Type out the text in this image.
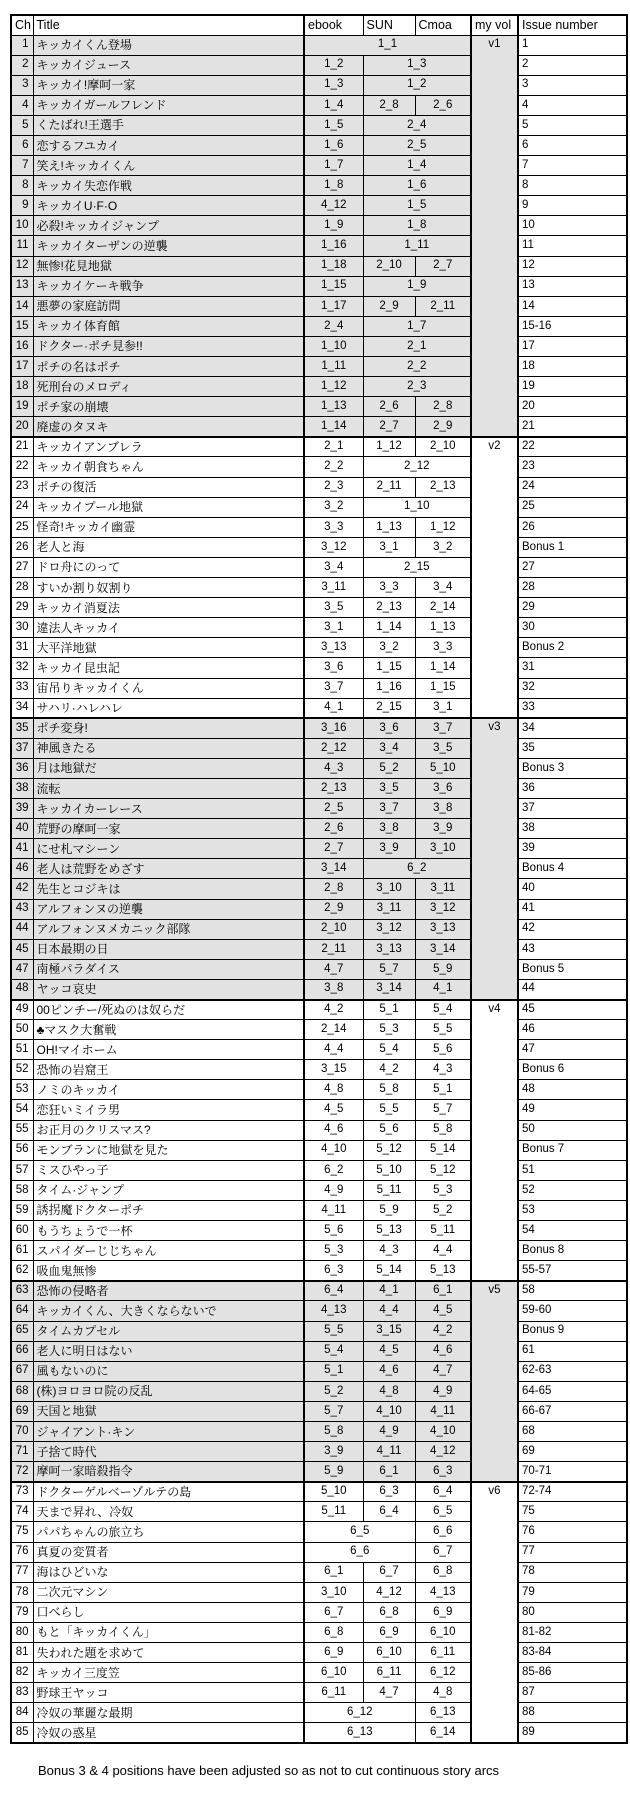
Ch	Title	ebook	SUN	Cmoa	my vol	Issue number
1	キッカイくん登場	1_1			v1	1
2	キッカイジュース	1_2	1_3			2
3	キッカイ!摩呵一家	1_3	1_2			3
4	キッカイガールフレンド	1_4	2_8	2_6		4
5	くたばれ!王選手	1_5	2_4			5
6	恋するフユカイ	1_6	2_5			6
7	笑え!キッカイくん	1_7	1_4			7
8	キッカイ失恋作戦	1_8	1_6			8
9	キッカイU·F·O	4_12	1_5			9
10	必殺!キッカイジャンプ	1_9	1_8			10
11	キッカイターザンの逆襲	1_16	1_11			11
12	無惨!花見地獄	1_18	2_10	2_7		12
13	キッカイケーキ戦争	1_15	1_9			13
14	悪夢の家庭訪問	1_17	2_9	2_11		14
15	キッカイ体育館	2_4	1_7			15-16
16	ドクター·ポチ見参!!	1_10	2_1			17
17	ポチの名はポチ	1_11	2_2			18
18	死刑台のメロディ	1_12	2_3			19
19	ポチ家の崩壊	1_13	2_6	2_8		20
20	廃虚のタヌキ	1_14	2_7	2_9		21
21	キッカイアンブレラ	2_1	1_12	2_10	v2	22
22	キッカイ朝食ちゃん	2_2	2_12			23
23	ポチの復活	2_3	2_11	2_13		24
24	キッカイプール地獄	3_2	1_10			25
25	怪奇!キッカイ幽霊	3_3	1_13	1_12		26
26	老人と海	3_12	3_1	3_2		Bonus 1
27	ドロ舟にのって	3_4	2_15			27
28	すいか割り奴割り	3_11	3_3	3_4		28
29	キッカイ消夏法	3_5	2_13	2_14		29
30	違法人キッカイ	3_1	1_14	1_13		30
31	大平洋地獄	3_13	3_2	3_3		Bonus 2
32	キッカイ昆虫記	3_6	1_15	1_14		31
33	宙吊りキッカイくん	3_7	1_16	1_15		32
34	サハリ·ハレハレ	4_1	2_15	3_1		33
35	ポチ変身!	3_16	3_6	3_7	v3	34
37	神風きたる	2_12	3_4	3_5		35
36	月は地獄だ	4_3	5_2	5_10		Bonus 3
38	流転	2_13	3_5	3_6		36
39	キッカイカーレース	2_5	3_7	3_8		37
40	荒野の摩呵一家	2_6	3_8	3_9		38
41	にせ札マシーン	2_7	3_9	3_10		39
46	老人は荒野をめざす	3_14	6_2			Bonus 4
42	先生とコジキは	2_8	3_10	3_11		40
43	アルフォンヌの逆襲	2_9	3_11	3_12		41
44	アルフォンヌメカニック部隊	2_10	3_12	3_13		42
45	日本最期の日	2_11	3_13	3_14		43
47	南極パラダイス	4_7	5_7	5_9		Bonus 5
48	ヤッコ哀史	3_8	3_14	4_1		44
49	00ピンチー/死ぬのは奴らだ	4_2	5_1	5_4	v4	45
50	♣マスク大奮戦	2_14	5_3	5_5		46
51	OH!マイホーム	4_4	5_4	5_6		47
52	恐怖の岩窟王	3_15	4_2	4_3		Bonus 6
53	ノミのキッカイ	4_8	5_8	5_1		48
54	恋狂いミイラ男	4_5	5_5	5_7		49
55	お正月のクリスマス?	4_6	5_6	5_8		50
56	モンブランに地獄を見た	4_10	5_12	5_14		Bonus 7
57	ミスひやっ子	6_2	5_10	5_12		51
58	タイム·ジャンプ	4_9	5_11	5_3		52
59	誘拐魔ドクターポチ	4_11	5_9	5_2		53
60	もうちょうで一杯	5_6	5_13	5_11		54
61	スパイダーじじちゃん	5_3	4_3	4_4		Bonus 8
62	吸血鬼無惨	6_3	5_14	5_13		55-57
63	恐怖の侵略者	6_4	4_1	6_1	v5	58
64	キッカイくん、大きくならないで	4_13	4_4	4_5		59-60
65	タイムカプセル	5_5	3_15	4_2		Bonus 9
66	老人に明日はない	5_4	4_5	4_6		61
67	風もないのに	5_1	4_6	4_7		62-63
68	(株)ヨロヨロ院の反乱	5_2	4_8	4_9		64-65
69	天国と地獄	5_7	4_10	4_11		66-67
70	ジャイアント·キン	5_8	4_9	4_10		68
71	子捨て時代	3_9	4_11	4_12		69
72	摩呵一家暗殺指令	5_9	6_1	6_3		70-71
73	ドクターゲルベーゾルテの島	5_10	6_3	6_4	v6	72-74
74	天まで昇れ、冷奴	5_11	6_4	6_5		75
75	パパちゃんの旅立ち	6_5		6_6		76
76	真夏の変質者	6_6		6_7		77
77	海はひどいな	6_1	6_7	6_8		78
78	二次元マシン	3_10	4_12	4_13		79
79	口べらし	6_7	6_8	6_9		80
80	もと「キッカイくん」	6_8	6_9	6_10		81-82
81	失われた題を求めて	6_9	6_10	6_11		83-84
82	キッカイ三度笠	6_10	6_11	6_12		85-86
83	野球王ヤッコ	6_11	4_7	4_8		87
84	冷奴の華麗な最期	6_12		6_13		88
85	冷奴の惑星	6_13		6_14		89
Bonus 3 & 4 positions have been adjusted so as not to cut continuous story arcs
